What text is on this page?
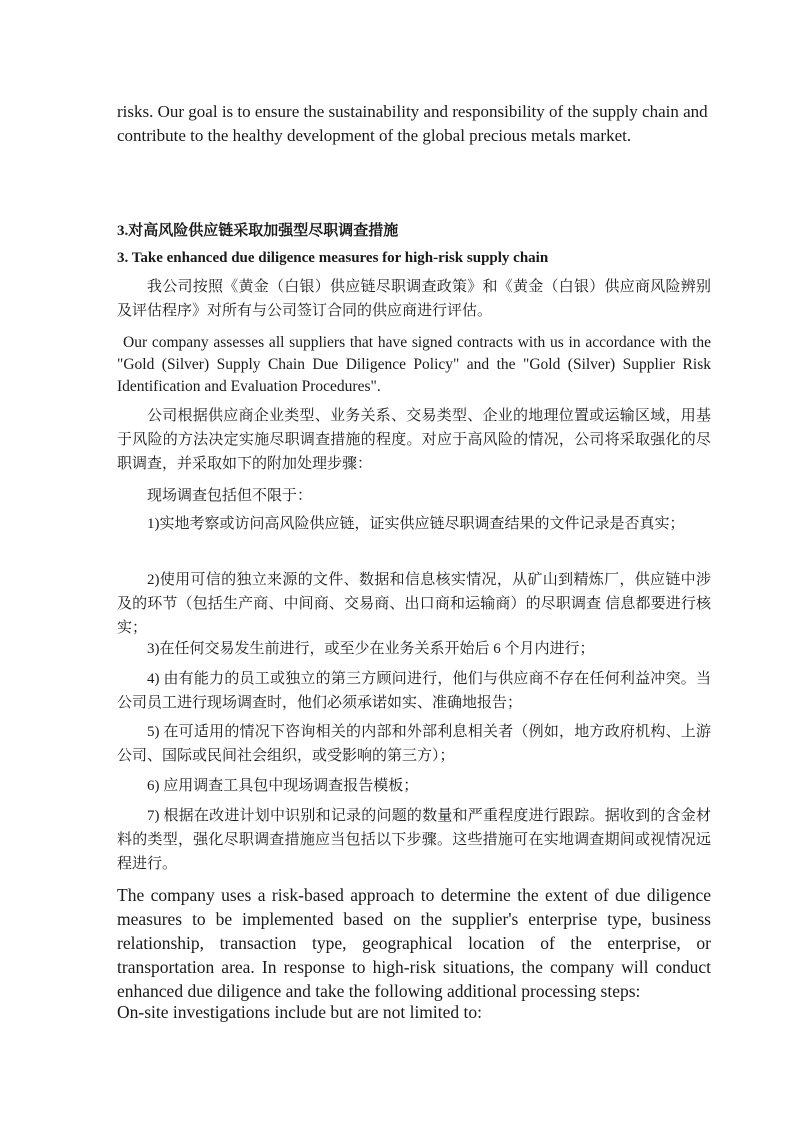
risks. Our goal is to ensure the sustainability and responsibility of the supply chain and contribute to the healthy development of the global precious metals market.

3.对高风险供应链采取加强型尽职调查措施

3. Take enhanced due diligence measures for high-risk supply chain

我公司按照《黄金（白银）供应链尽职调查政策》和《黄金（白银）供应商风险辨别及评估程序》对所有与公司签订合同的供应商进行评估。

Our company assesses all suppliers that have signed contracts with us in accordance with the "Gold (Silver) Supply Chain Due Diligence Policy" and the "Gold (Silver) Supplier Risk Identification and Evaluation Procedures".

公司根据供应商企业类型、业务关系、交易类型、企业的地理位置或运输区域，用基于风险的方法决定实施尽职调查措施的程度。对应于高风险的情况，公司将采取强化的尽职调查，并采取如下的附加处理步骤：

现场调查包括但不限于：

1)实地考察或访问高风险供应链，证实供应链尽职调查结果的文件记录是否真实；

2)使用可信的独立来源的文件、数据和信息核实情况，从矿山到精炼厂，供应链中涉及的环节（包括生产商、中间商、交易商、出口商和运输商）的尽职调查 信息都要进行核实；

3)在任何交易发生前进行，或至少在业务关系开始后 6 个月内进行；

4) 由有能力的员工或独立的第三方顾问进行，他们与供应商不存在任何利益冲突。当公司员工进行现场调查时，他们必须承诺如实、准确地报告；

5) 在可适用的情况下咨询相关的内部和外部利息相关者（例如，地方政府机构、上游公司、国际或民间社会组织，或受影响的第三方）；

6) 应用调查工具包中现场调查报告模板；

7) 根据在改进计划中识别和记录的问题的数量和严重程度进行跟踪。据收到的含金材料的类型，强化尽职调查措施应当包括以下步骤。这些措施可在实地调查期间或视情况远程进行。

The company uses a risk-based approach to determine the extent of due diligence measures to be implemented based on the supplier's enterprise type, business relationship, transaction type, geographical location of the enterprise, or transportation area. In response to high-risk situations, the company will conduct enhanced due diligence and take the following additional processing steps:

On-site investigations include but are not limited to:
